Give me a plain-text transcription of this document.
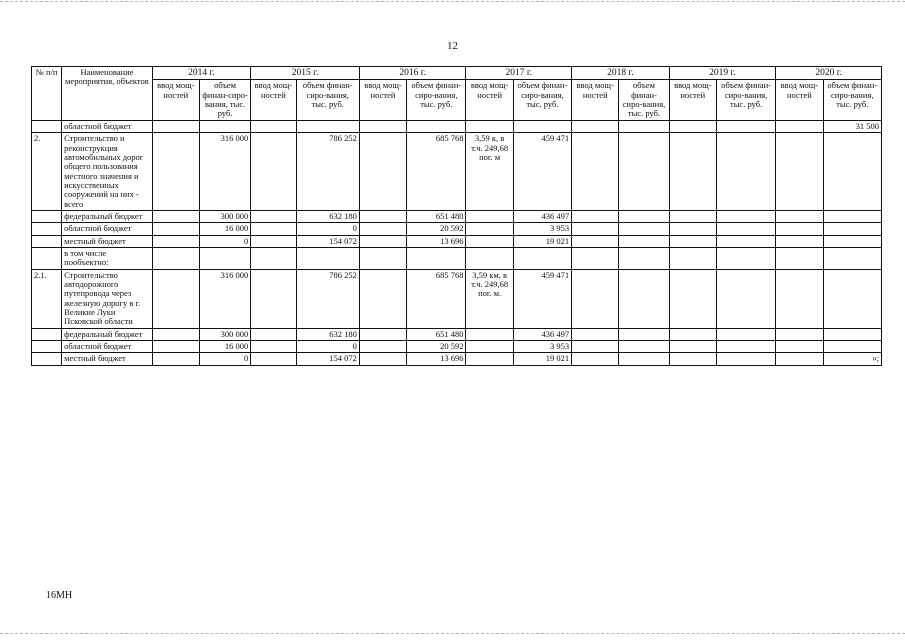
12
№ п/п	Наименование мероприятия, объектов	2014 г.		2015 г.		2016 г.		2017 г.		2018 г.		2019 г.		2020 г.	
		ввод мощ-ностей	объем финан-сиро-вания, тыс. руб.	ввод мощ-ностей	объем финан-сиро-вания, тыс. руб.	ввод мощ-ностей	объем финан-сиро-вания, тыс. руб.	ввод мощ-ностей	объем финан-сиро-вания, тыс. руб.	ввод мощ-ностей	объем финан-сиро-вания, тыс. руб.	ввод мощ-ностей	объем финан-сиро-вания, тыс. руб.	ввод мощ-ностей	объем финан-сиро-вания, тыс. руб.
	областной бюджет														31 500
2.	Строительство и реконструкция автомобильных дорог общего пользования местного значения и искусственных сооружений на них - всего		316 000		786 252		685 768	3,59 к, в т.ч. 249,68 пог. м	459 471						
	федеральный бюджет		300 000		632 180		651 480		436 497						
	областной бюджет		16 000		0		20 592		3 953						
	местный бюджет		0		154 072		13 696		19 021						
	в том числе пообъектно:														
2.1.	Строительство автодорожного путепровода через железную дорогу в г. Великие Луки Псковской области		316 000		786 252		685 768	3,59 км, в т.ч. 249,68 пог. м.	459 471						
	федеральный бюджет		300 000		632 180		651 480		436 497						
	областной бюджет		16 000		0		20 592		3 953						
	местный бюджет		0		154 072		13 696		19 021						»;
16МН
